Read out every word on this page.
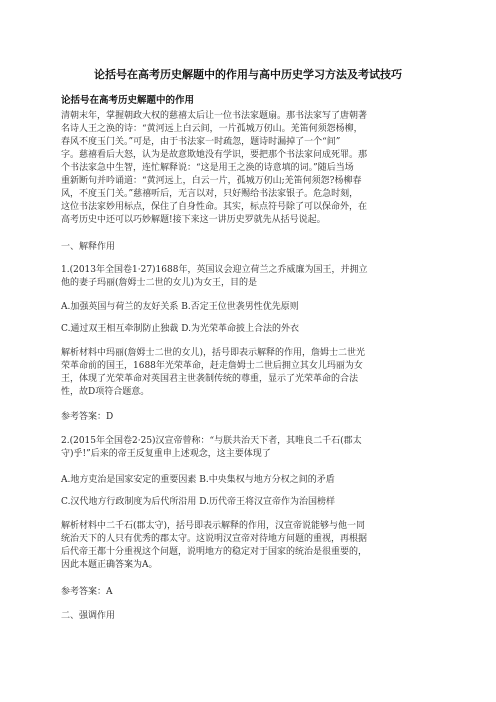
论括号在高考历史解题中的作用与高中历史学习方法及考试技巧
论括号在高考历史解题中的作用
清朝末年，掌握朝政大权的慈禧太后让一位书法家题扇。那书法家写了唐朝著
名诗人王之涣的诗：“黄河远上白云间，一片孤城万仞山。羌笛何须怨杨柳，
春风不度玉门关。”可是，由于书法家一时疏忽，题诗时漏掉了一个“间”
字。慈禧看后大怒，认为是故意欺她没有学识，要把那个书法家问成死罪。那
个书法家急中生智，连忙解释说：“这是用王之涣的诗意填的词。”随后当场
重新断句并吟诵道：“黄河远上，白云一片，孤城万仞山;羌笛何须怨?杨柳春
风，不度玉门关。”慈禧听后，无言以对，只好赐给书法家银子。危急时刻，
这位书法家妙用标点，保住了自身性命。其实，标点符号除了可以保命外，在
高考历史中还可以巧妙解题!接下来这一讲历史罗就先从括号说起。
一、解释作用
1.(2013年全国卷1·27)1688年，英国议会迎立荷兰之乔威廉为国王，并拥立
他的妻子玛丽(詹姆士二世的女儿)为女王，目的是
A.加强英国与荷兰的友好关系 B.否定王位世袭男性优先原则
C.通过双王相互牵制防止独裁 D.为光荣革命披上合法的外衣
解析材料中玛丽(詹姆士二世的女儿)，括号即表示解释的作用，詹姆士二世光
荣革命前的国王，1688年光荣革命，赶走詹姆士二世后拥立其女儿玛丽为女
王，体现了光荣革命对英国君主世袭制传统的尊重，显示了光荣革命的合法
性，故D项符合题意。
参考答案：D
2.(2015年全国卷2·25)汉宣帝曾称：“与朕共治天下者，其唯良二千石(郡太
守)乎!”后来的帝王反复重申上述观念，这主要体现了
A.地方吏治是国家安定的重要因素 B.中央集权与地方分权之间的矛盾
C.汉代地方行政制度为后代所沿用 D.历代帝王将汉宣帝作为治国榜样
解析材料中二千石(郡太守)，括号即表示解释的作用，汉宣帝说能够与他一同
统治天下的人只有优秀的郡太守。这说明汉宣帝对待地方问题的重视，再根据
后代帝王都十分重视这个问题，说明地方的稳定对于国家的统治是很重要的，
因此本题正确答案为A。
参考答案：A
二、强调作用
